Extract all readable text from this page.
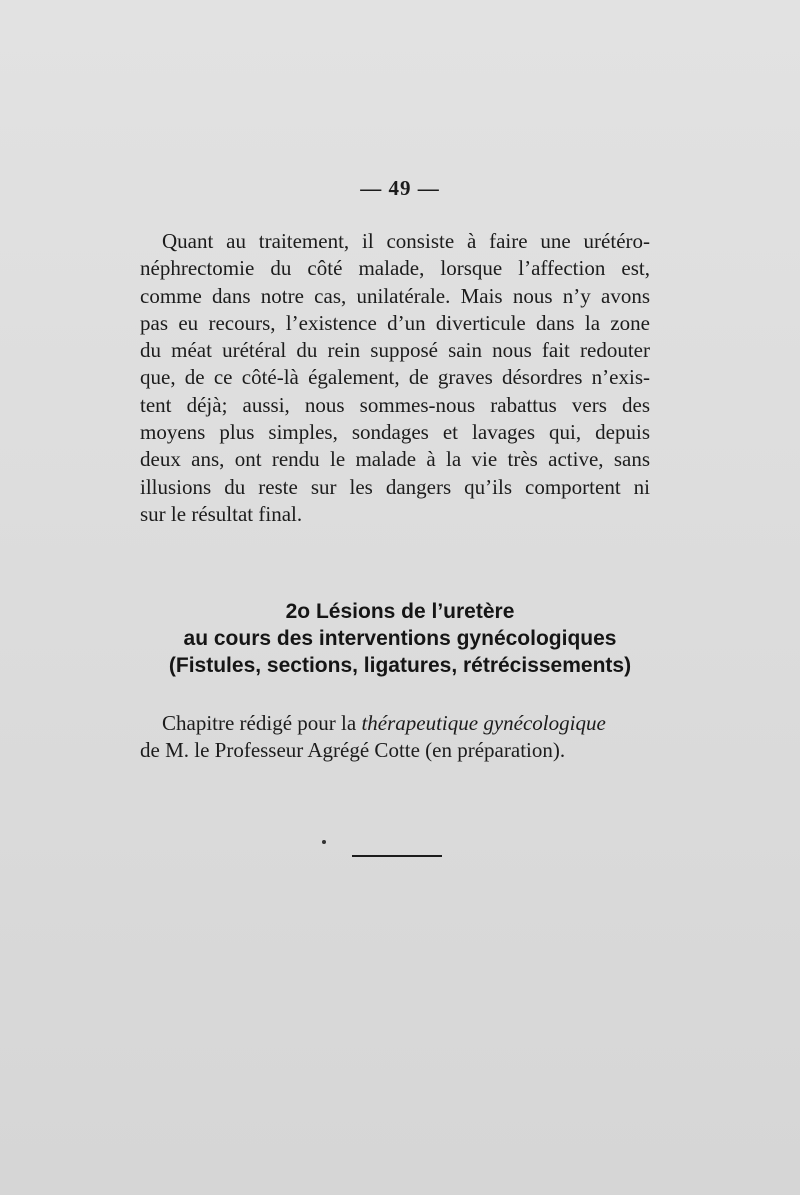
— 49 —
Quant au traitement, il consiste à faire une urétéro-
néphrectomie du côté malade, lorsque l’affection est,
comme dans notre cas, unilatérale. Mais nous n’y avons
pas eu recours, l’existence d’un diverticule dans la zone
du méat urétéral du rein supposé sain nous fait redouter
que, de ce côté-là également, de graves désordres n’exis-
tent déjà; aussi, nous sommes-nous rabattus vers des
moyens plus simples, sondages et lavages qui, depuis
deux ans, ont rendu le malade à la vie très active, sans
illusions du reste sur les dangers qu’ils comportent ni
sur le résultat final.
2o Lésions de l’uretère
au cours des interventions gynécologiques
(Fistules, sections, ligatures, rétrécissements)
Chapitre rédigé pour la thérapeutique gynécologique
de M. le Professeur Agrégé Cotte (en préparation).
